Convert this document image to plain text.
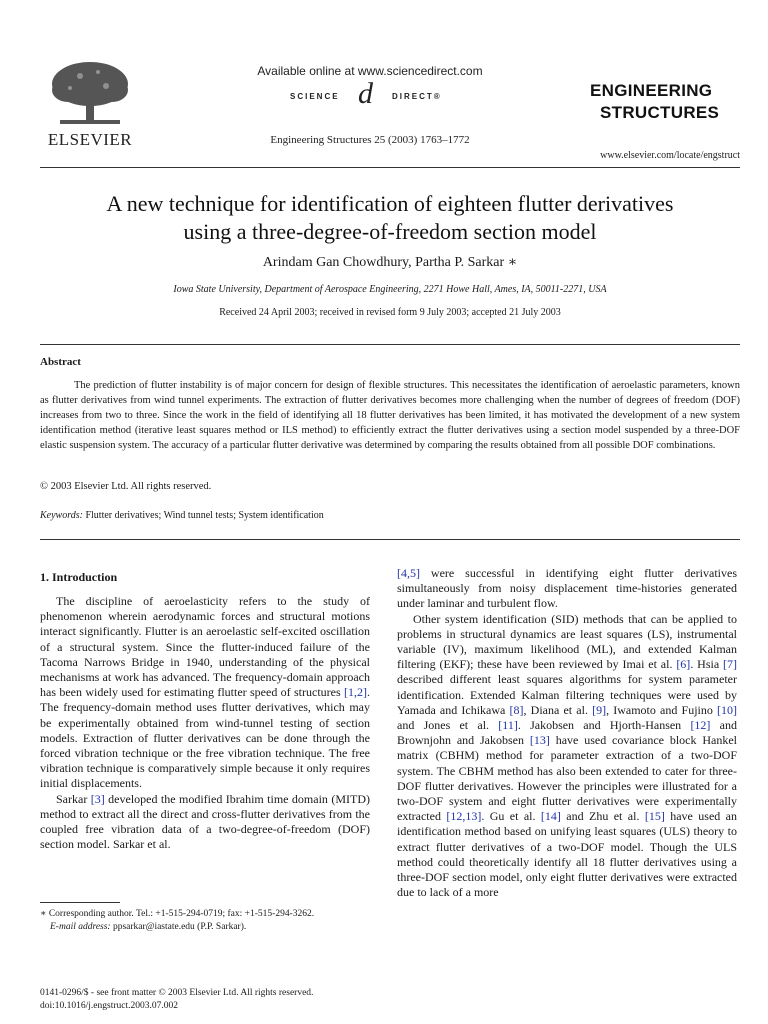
ELSEVIER
Available online at www.sciencedirect.com
SCIENCE d DIRECT®
Engineering Structures 25 (2003) 1763–1772
ENGINEERING
STRUCTURES
www.elsevier.com/locate/engstruct
A new technique for identification of eighteen flutter derivatives
using a three-degree-of-freedom section model
Arindam Gan Chowdhury, Partha P. Sarkar ∗
Iowa State University, Department of Aerospace Engineering, 2271 Howe Hall, Ames, IA, 50011-2271, USA
Received 24 April 2003; received in revised form 9 July 2003; accepted 21 July 2003
Abstract
The prediction of flutter instability is of major concern for design of flexible structures. This necessitates the identification of aeroelastic parameters, known as flutter derivatives from wind tunnel experiments. The extraction of flutter derivatives becomes more challenging when the number of degrees of freedom (DOF) increases from two to three. Since the work in the field of identifying all 18 flutter derivatives has been limited, it has motivated the development of a new system identification method (iterative least squares method or ILS method) to efficiently extract the flutter derivatives using a section model suspended by a three-DOF elastic suspension system. The accuracy of a particular flutter derivative was determined by comparing the results obtained from all possible DOF combinations.
© 2003 Elsevier Ltd. All rights reserved.
Keywords: Flutter derivatives; Wind tunnel tests; System identification
1. Introduction

The discipline of aeroelasticity refers to the study of phenomenon wherein aerodynamic forces and structural motions interact significantly. Flutter is an aeroelastic self-excited oscillation of a structural system. Since the flutter-induced failure of the Tacoma Narrows Bridge in 1940, understanding of the physical mechanisms at work has advanced. The frequency-domain approach has been widely used for estimating flutter speed of structures [1,2]. The frequency-domain method uses flutter derivatives, which may be experimentally obtained from wind-tunnel testing of section models. Extraction of flutter derivatives can be done through the forced vibration technique or the free vibration technique. The free vibration technique is comparatively simple because it only requires initial displacements.

Sarkar [3] developed the modified Ibrahim time domain (MITD) method to extract all the direct and cross-flutter derivatives from the coupled free vibration data of a two-degree-of-freedom (DOF) section model. Sarkar et al.

[4,5] were successful in identifying eight flutter derivatives simultaneously from noisy displacement time-histories generated under laminar and turbulent flow.

Other system identification (SID) methods that can be applied to problems in structural dynamics are least squares (LS), instrumental variable (IV), maximum likelihood (ML), and extended Kalman filtering (EKF); these have been reviewed by Imai et al. [6]. Hsia [7] described different least squares algorithms for system parameter identification. Extended Kalman filtering techniques were used by Yamada and Ichikawa [8], Diana et al. [9], Iwamoto and Fujino [10] and Jones et al. [11]. Jakobsen and Hjorth-Hansen [12] and Brownjohn and Jakobsen [13] have used covariance block Hankel matrix (CBHM) method for parameter extraction of a two-DOF system. The CBHM method has also been extended to cater for three-DOF flutter derivatives. However the principles were illustrated for a two-DOF system and eight flutter derivatives were experimentally extracted [12,13]. Gu et al. [14] and Zhu et al. [15] have used an identification method based on unifying least squares (ULS) theory to extract flutter derivatives of a two-DOF model. Though the ULS method could theoretically identify all 18 flutter derivatives using a three-DOF section model, only eight flutter derivatives were extracted due to lack of a more

∗ Corresponding author. Tel.: +1-515-294-0719; fax: +1-515-294-3262.
E-mail address: ppsarkar@iastate.edu (P.P. Sarkar).
0141-0296/$ - see front matter © 2003 Elsevier Ltd. All rights reserved.
doi:10.1016/j.engstruct.2003.07.002
